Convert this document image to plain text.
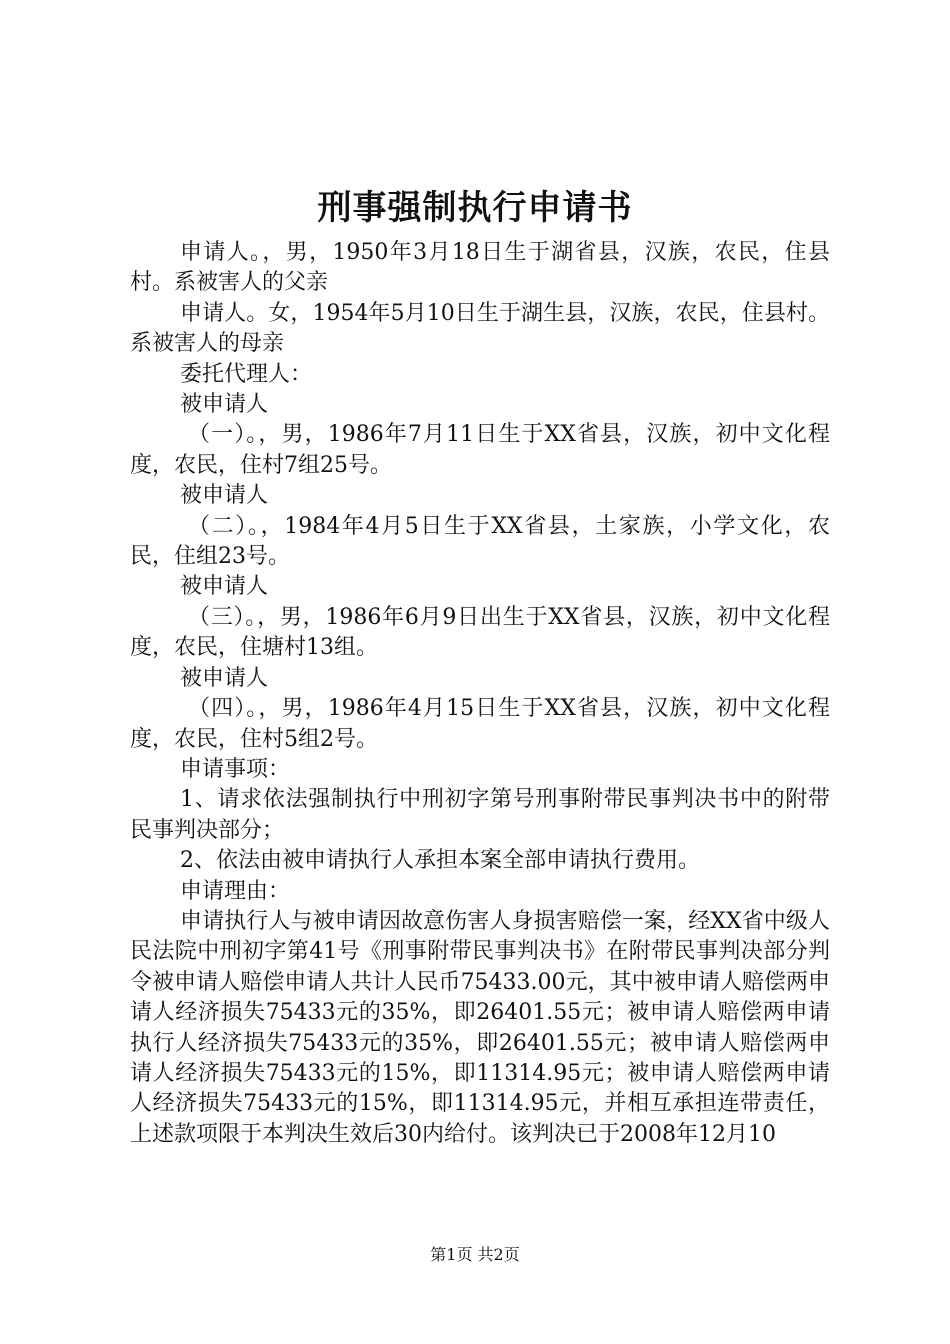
刑事强制执行申请书

申请人。，男，1950年3月18日生于湖省县，汉族，农民，住县村。系被害人的父亲

申请人。女，1954年5月10日生于湖生县，汉族，农民，住县村。系被害人的母亲

委托代理人：

被申请人

（一）。，男，1986年7月11日生于XX省县，汉族，初中文化程度，农民，住村7组25号。

被申请人

（二）。，1984年4月5日生于XX省县，土家族，小学文化，农民，住组23号。

被申请人

（三）。，男，1986年6月9日出生于XX省县，汉族，初中文化程度，农民，住塘村13组。

被申请人

（四）。，男，1986年4月15日生于XX省县，汉族，初中文化程度，农民，住村5组2号。

申请事项：

1、请求依法强制执行中刑初字第号刑事附带民事判决书中的附带民事判决部分；

2、依法由被申请执行人承担本案全部申请执行费用。

申请理由：

申请执行人与被申请因故意伤害人身损害赔偿一案，经XX省中级人民法院中刑初字第41号《刑事附带民事判决书》在附带民事判决部分判令被申请人赔偿申请人共计人民币75433.00元，其中被申请人赔偿两申请人经济损失75433元的35%，即26401.55元；被申请人赔偿两申请执行人经济损失75433元的35%，即26401.55元；被申请人赔偿两申请人经济损失75433元的15%，即11314.95元；被申请人赔偿两申请人经济损失75433元的15%，即11314.95元，并相互承担连带责任，上述款项限于本判决生效后30内给付。该判决已于2008年12月10

第1页 共2页
